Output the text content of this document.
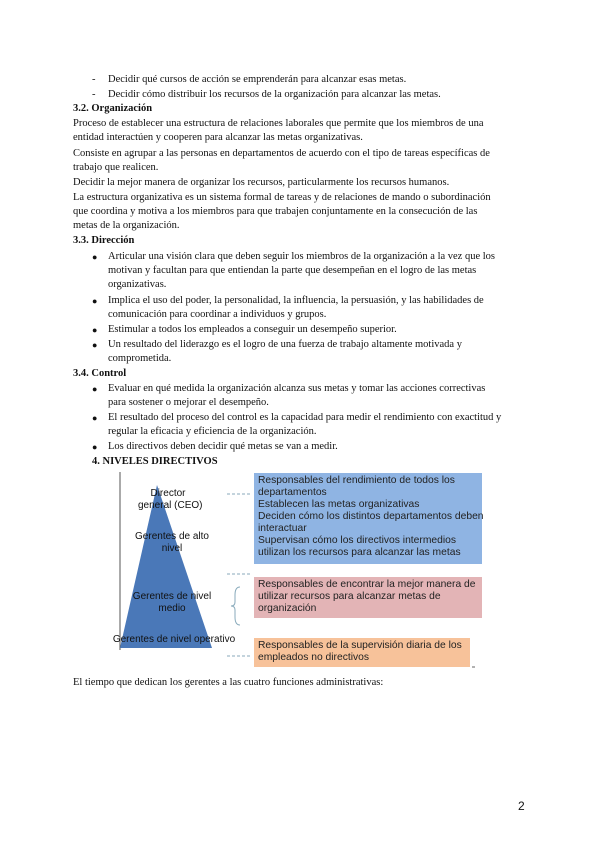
- Decidir qué cursos de acción se emprenderán para alcanzar esas metas.
- Decidir cómo distribuir los recursos de la organización para alcanzar las metas.
3.2. Organización
Proceso de establecer una estructura de relaciones laborales que permite que los miembros de una
entidad interactúen y cooperen para alcanzar las metas organizativas.
Consiste en agrupar a las personas en departamentos de acuerdo con el tipo de tareas específicas de
trabajo que realicen.
Decidir la mejor manera de organizar los recursos, particularmente los recursos humanos.
La estructura organizativa es un sistema formal de tareas y de relaciones de mando o subordinación
que coordina y motiva a los miembros para que trabajen conjuntamente en la consecución de las
metas de la organización.
3.3. Dirección
● Articular una visión clara que deben seguir los miembros de la organización a la vez que los
motivan y facultan para que entiendan la parte que desempeñan en el logro de las metas
organizativas.
● Implica el uso del poder, la personalidad, la influencia, la persuasión, y las habilidades de
comunicación para coordinar a individuos y grupos.
● Estimular a todos los empleados a conseguir un desempeño superior.
● Un resultado del liderazgo es el logro de una fuerza de trabajo altamente motivada y
comprometida.
3.4. Control
● Evaluar en qué medida la organización alcanza sus metas y tomar las acciones correctivas
para sostener o mejorar el desempeño.
● El resultado del proceso del control es la capacidad para medir el rendimiento con exactitud y
regular la eficacia y eficiencia de la organización.
● Los directivos deben decidir qué metas se van a medir.
4. NIVELES DIRECTIVOS
Director
general (CEO)
Gerentes de alto
nivel
Gerentes de nivel
medio
Gerentes de nivel operativo
Responsables del rendimiento de todos los
departamentos
Establecen las metas organizativas
Deciden cómo los distintos departamentos deben
interactuar
Supervisan cómo los directivos intermedios
utilizan los recursos para alcanzar las metas
Responsables de encontrar la mejor manera de
utilizar recursos para alcanzar metas de
organización
Responsables de la supervisión diaria de los
empleados no directivos
El tiempo que dedican los gerentes a las cuatro funciones administrativas:
2
